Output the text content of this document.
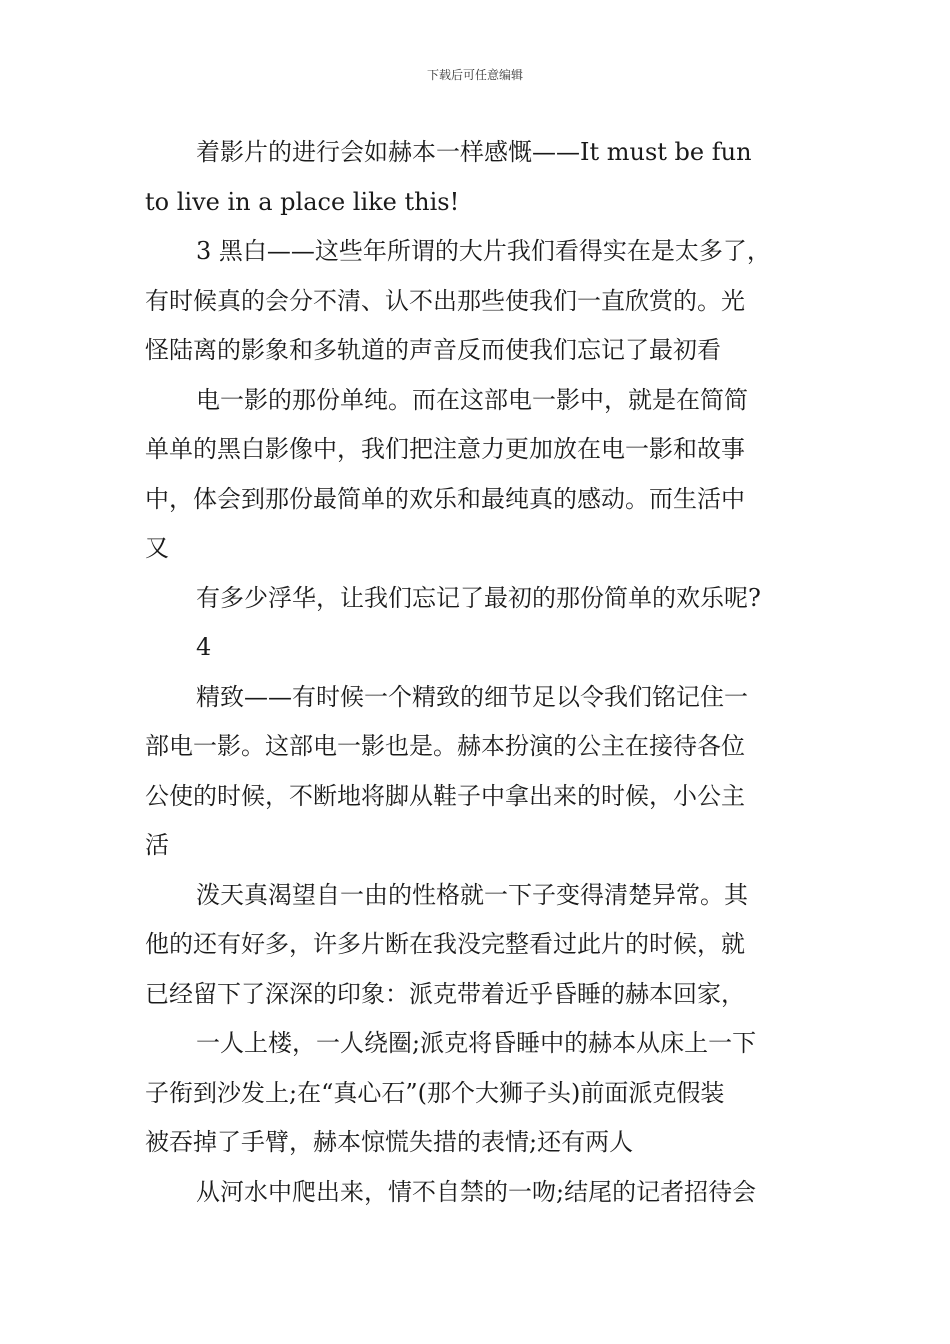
下载后可任意编辑
着影片的进行会如赫本一样感慨——It must be fun
to live in a place like this!
3 黑白——这些年所谓的大片我们看得实在是太多了，
有时候真的会分不清、认不出那些使我们一直欣赏的。光
怪陆离的影象和多轨道的声音反而使我们忘记了最初看
电一影的那份单纯。而在这部电一影中，就是在简简
单单的黑白影像中，我们把注意力更加放在电一影和故事
中，体会到那份最简单的欢乐和最纯真的感动。而生活中
又
有多少浮华，让我们忘记了最初的那份简单的欢乐呢?
4
精致——有时候一个精致的细节足以令我们铭记住一
部电一影。这部电一影也是。赫本扮演的公主在接待各位
公使的时候，不断地将脚从鞋子中拿出来的时候，小公主
活
泼天真渴望自一由的性格就一下子变得清楚异常。其
他的还有好多，许多片断在我没完整看过此片的时候，就
已经留下了深深的印象：派克带着近乎昏睡的赫本回家，
一人上楼，一人绕圈;派克将昏睡中的赫本从床上一下
子衔到沙发上;在“真心石”(那个大狮子头)前面派克假装
被吞掉了手臂，赫本惊慌失措的表情;还有两人
从河水中爬出来，情不自禁的一吻;结尾的记者招待会
